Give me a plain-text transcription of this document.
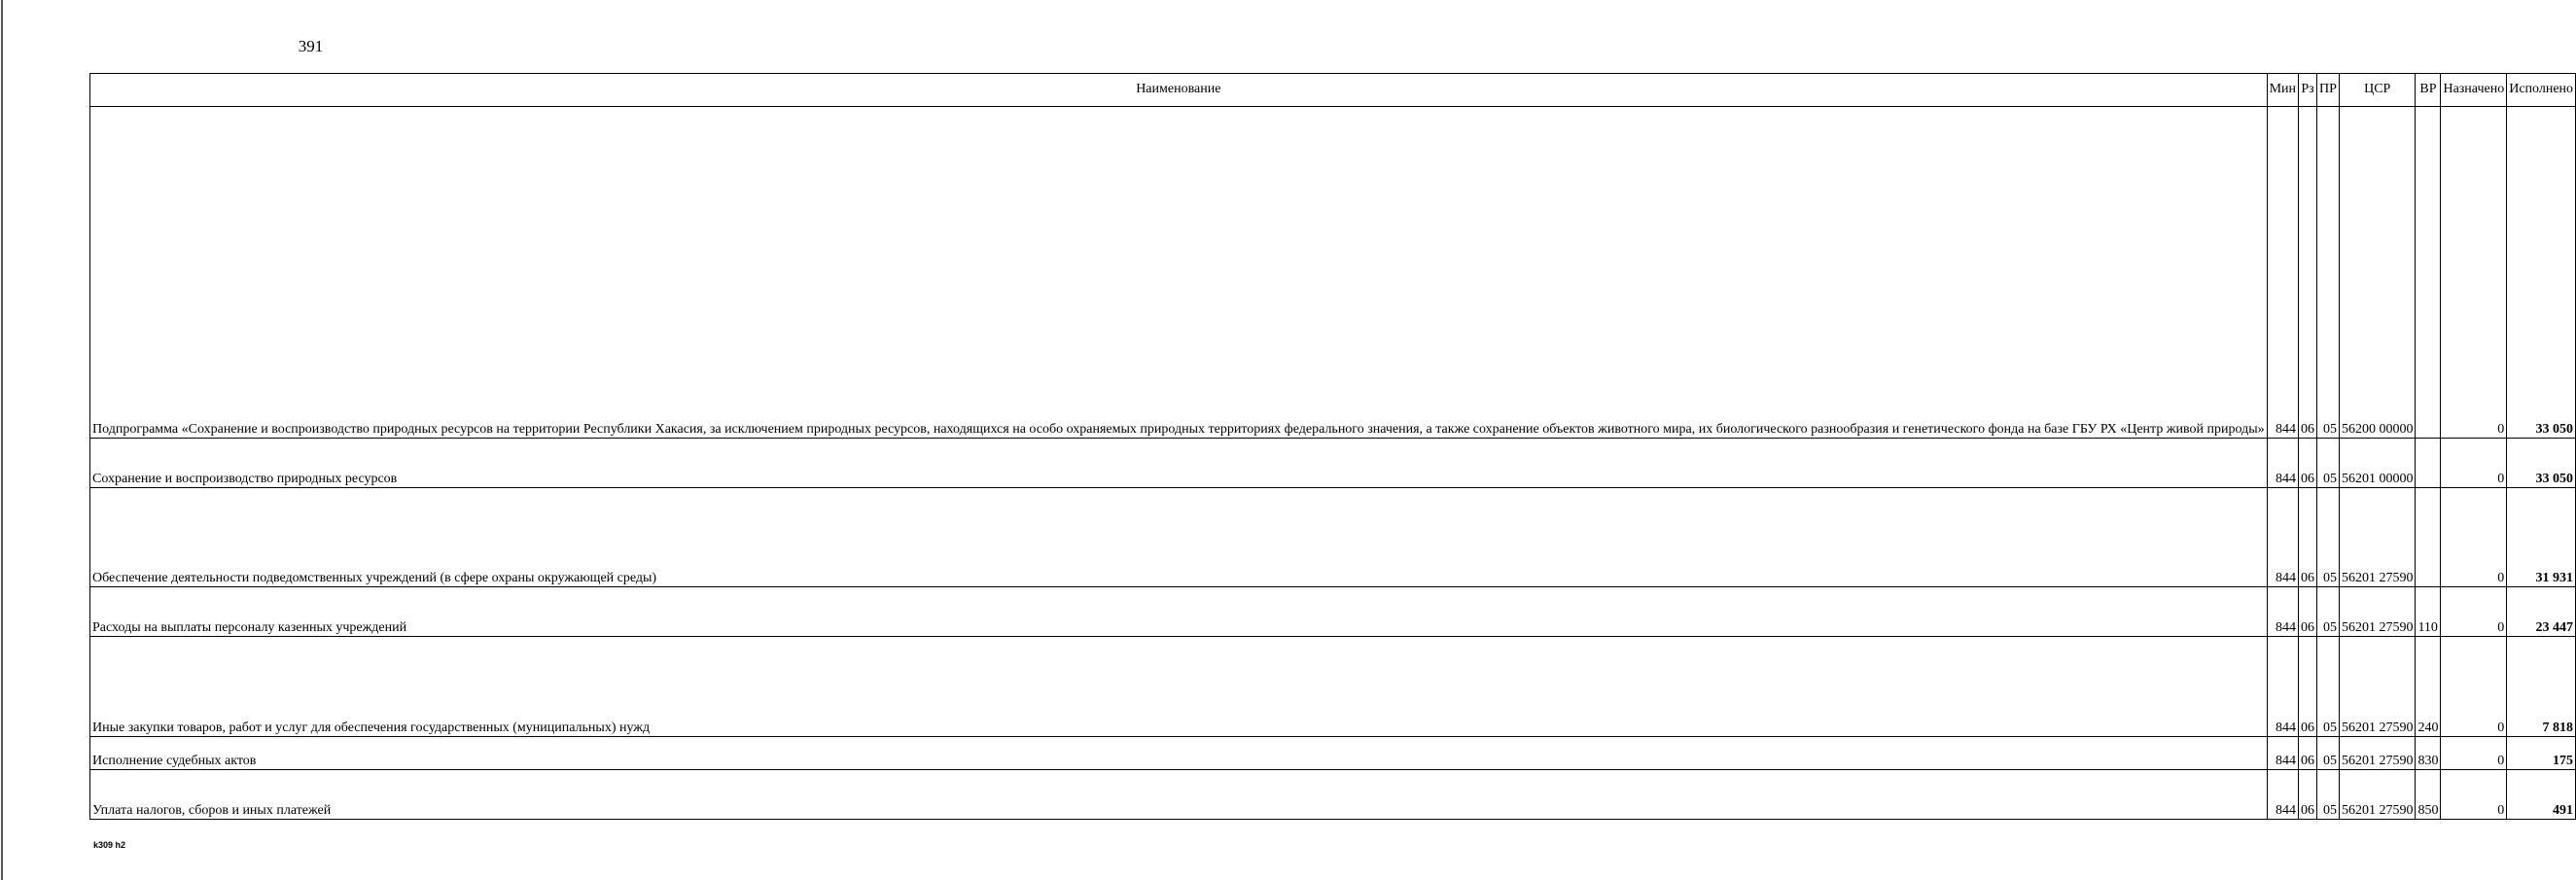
391
Наименование	Мин	Рз	ПР	ЦСР	ВР	Назначено	Исполнено

Подпрограмма «Сохранение и воспроизводство природных ресурсов на территории Республики Хакасия, за исключением природных ресурсов, находящихся на особо охраняемых природных территориях федерального значения, а также сохранение объектов животного мира, их биологического разнообразия и генетического фонда на базе ГБУ РХ «Центр живой природы»	844	06	05	56200 00000		0	33 050

Сохранение и воспроизводство природных ресурсов	844	06	05	56201 00000		0	33 050

Обеспечение деятельности подведомственных учреждений (в сфере охраны окружающей среды)	844	06	05	56201 27590		0	31 931

Расходы на выплаты персоналу казенных учреждений	844	06	05	56201 27590	110	0	23 447

Иные закупки товаров, работ и услуг для обеспечения государственных (муниципальных) нужд	844	06	05	56201 27590	240	0	7 818

Исполнение судебных актов	844	06	05	56201 27590	830	0	175

Уплата налогов, сборов и иных платежей	844	06	05	56201 27590	850	0	491
k309 h2
